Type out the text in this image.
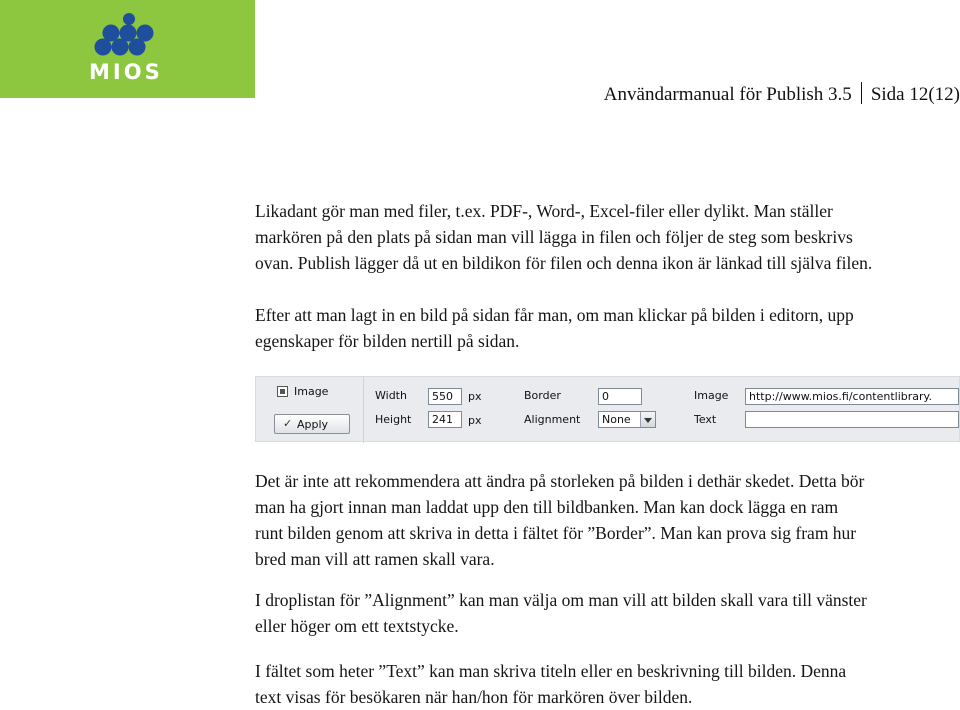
MIOS
Användarmanual för Publish 3.5 Sida 12(12)
Likadant gör man med filer, t.ex. PDF-, Word-, Excel-filer eller dylikt. Man ställer
markören på den plats på sidan man vill lägga in filen och följer de steg som beskrivs
ovan. Publish lägger då ut en bildikon för filen och denna ikon är länkad till själva filen.
Efter att man lagt in en bild på sidan får man, om man klickar på bilden i editorn, upp
egenskaper för bilden nertill på sidan.
Image
✓ Apply
Width	550	px
Height	241	px
Border	0
Alignment	None
Image	http://www.mios.fi/contentlibrary.
Text
Det är inte att rekommendera att ändra på storleken på bilden i dethär skedet. Detta bör
man ha gjort innan man laddat upp den till bildbanken. Man kan dock lägga en ram
runt bilden genom att skriva in detta i fältet för ”Border”. Man kan prova sig fram hur
bred man vill att ramen skall vara.
I droplistan för ”Alignment” kan man välja om man vill att bilden skall vara till vänster
eller höger om ett textstycke.
I fältet som heter ”Text” kan man skriva titeln eller en beskrivning till bilden. Denna
text visas för besökaren när han/hon för markören över bilden.
